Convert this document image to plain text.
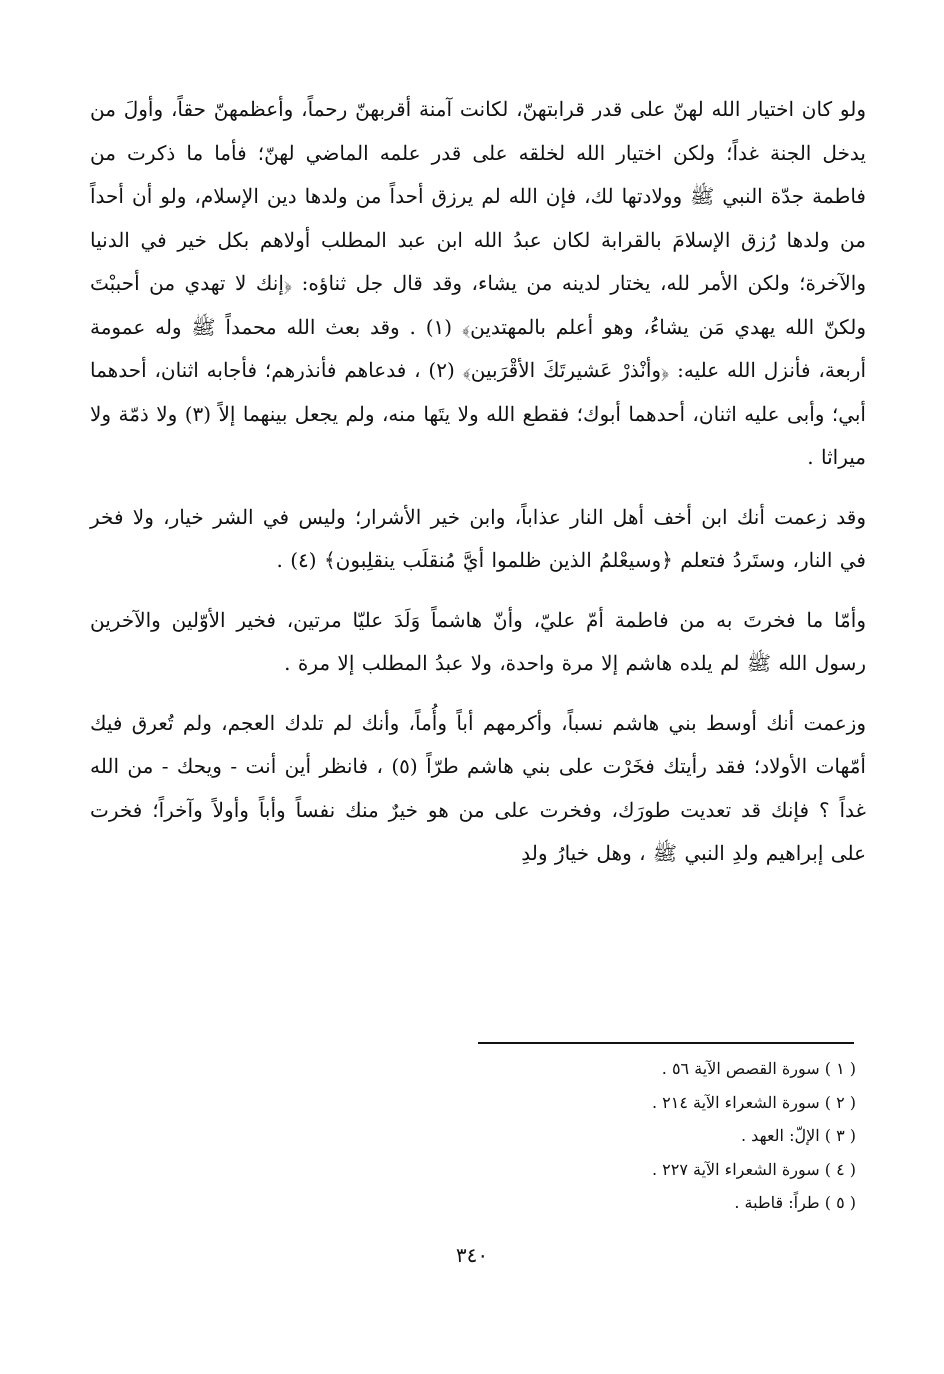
ولو كان اختيار الله لهنّ على قدر قرابتهنّ، لكانت آمنة أقربهنّ رحماً، وأعظمهنّ حقاً، وأولَ من يدخل الجنة غداً؛ ولكن اختيار الله لخلقه على قدر علمه الماضي لهنّ؛ فأما ما ذكرت من فاطمة جدّة النبي ﷺ وولادتها لك، فإن الله لم يرزق أحداً من ولدها دين الإسلام، ولو أن أحداً من ولدها رُزق الإسلامَ بالقرابة لكان عبدُ الله ابن عبد المطلب أولاهم بكل خير في الدنيا والآخرة؛ ولكن الأمر لله، يختار لدينه من يشاء، وقد قال جل ثناؤه: ﴿إنك لا تهدي من أحببْتَ ولكنّ الله يهدي مَن يشاءُ، وهو أعلم بالمهتدين﴾ (١) . وقد بعث الله محمداً ﷺ وله عمومة أربعة، فأنزل الله عليه: ﴿وأنْذرْ عَشيرتَكَ الأقْرَبين﴾ (٢) ، فدعاهم فأنذرهم؛ فأجابه اثنان، أحدهما أبي؛ وأبى عليه اثنان، أحدهما أبوك؛ فقطع الله ولا يتَها منه، ولم يجعل بينهما إلاً (٣) ولا ذمّة ولا ميراثا .

وقد زعمت أنك ابن أخف أهل النار عذاباً، وابن خير الأشرار؛ وليس في الشر خيار، ولا فخر في النار، وستَردُ فتعلم ﴿وسيعْلمُ الذين ظلموا أيَّ مُنقلَب ينقلِبون﴾ (٤) .

وأمّا ما فخرتَ به من فاطمة أمّ عليّ، وأنّ هاشماً وَلَدَ عليّا مرتين، فخير الأوّلين والآخرين رسول الله ﷺ لم يلده هاشم إلا مرة واحدة، ولا عبدُ المطلب إلا مرة .

وزعمت أنك أوسط بني هاشم نسباً، وأكرمهم أباً وأُماً، وأنك لم تلدك العجم، ولم تُعرق فيك أمّهات الأولاد؛ فقد رأيتك فخَرْت على بني هاشم طرّاً (٥) ، فانظر أين أنت - ويحك - من الله غداً ؟ فإنك قد تعديت طورَك، وفخرت على من هو خيرٌ منك نفساً وأباً وأولاً وآخراً؛ فخرت على إبراهيم ولدِ النبي ﷺ ، وهل خيارُ ولدِ

( ١ ) سورة القصص الآية ٥٦ .
( ٢ ) سورة الشعراء الآية ٢١٤ .
( ٣ ) الإلّ: العهد .
( ٤ ) سورة الشعراء الآية ٢٢٧ .
( ٥ ) طراً: قاطبة .
٣٤٠
